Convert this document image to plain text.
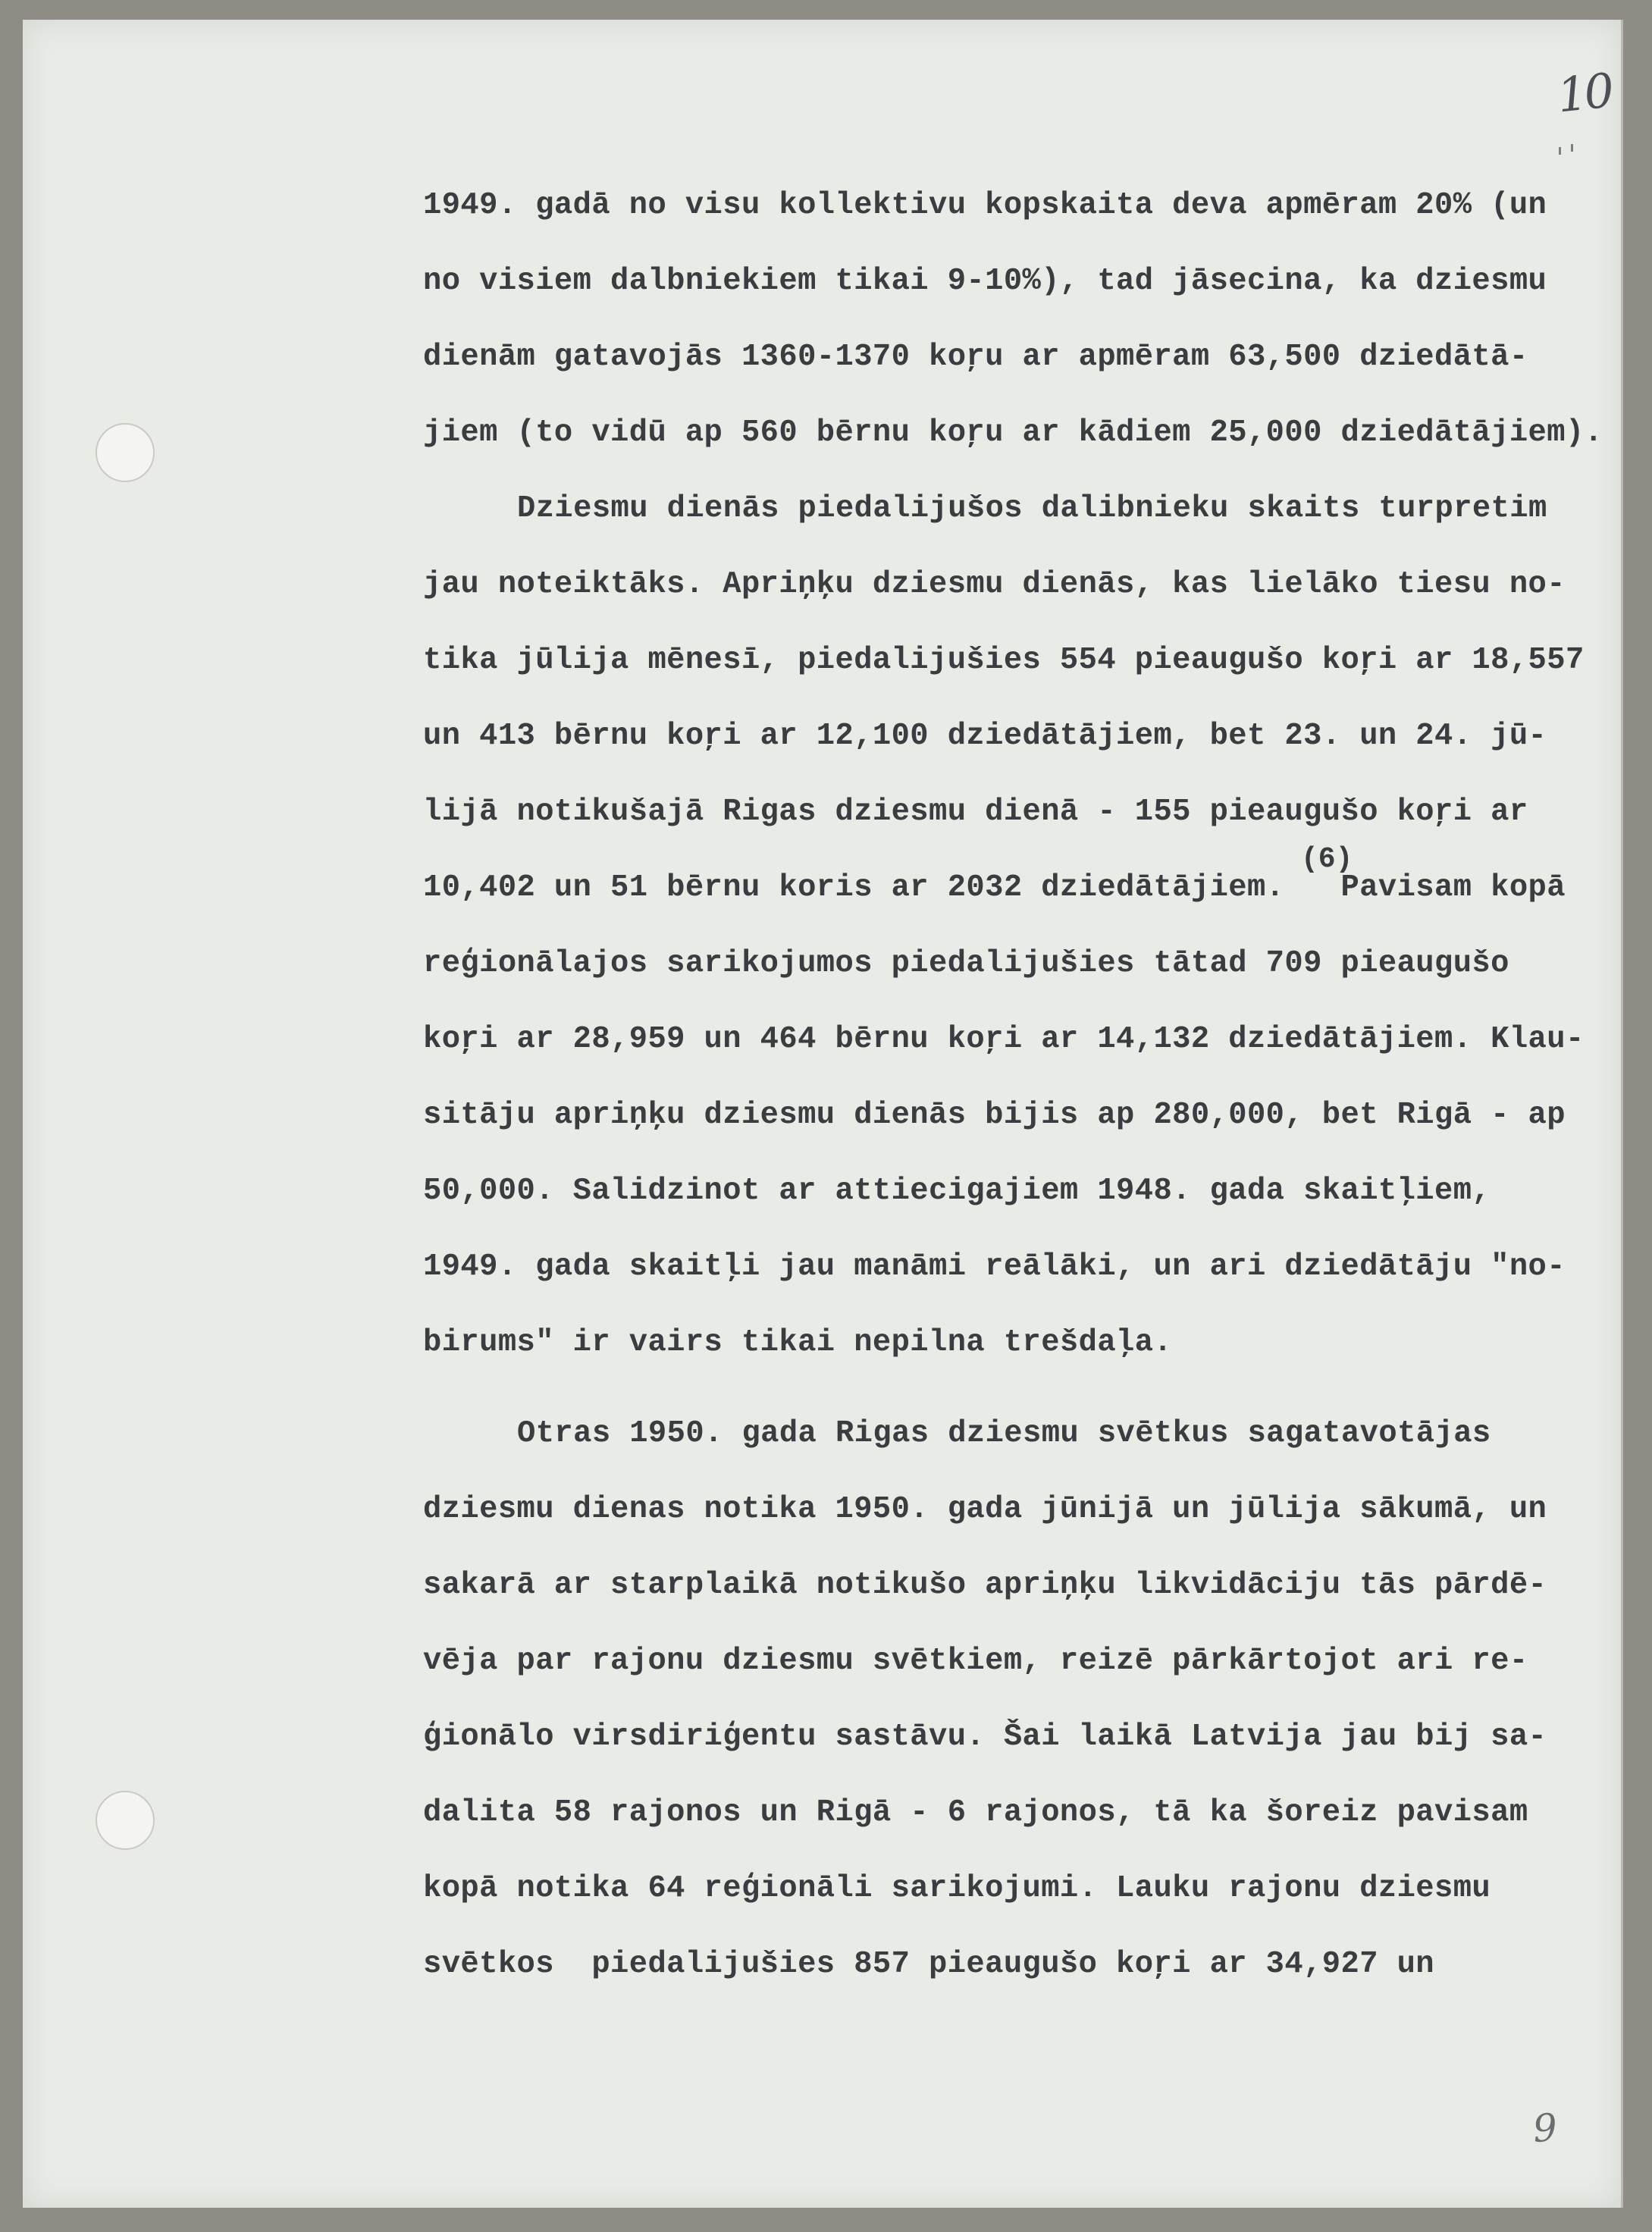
10
9
1949. gadā no visu kollektivu kopskaita deva apmēram 20% (un
no visiem dalbniekiem tikai 9-10%), tad jāsecina, ka dziesmu
dienām gatavojās 1360-1370 koŗu ar apmēram 63,500 dziedātā-
jiem (to vidū ap 560 bērnu koŗu ar kādiem 25,000 dziedātājiem).
Dziesmu dienās piedalijušos dalibnieku skaits turpretim
jau noteiktāks. Apriņķu dziesmu dienās, kas lielāko tiesu no-
tika jūlija mēnesī, piedalijušies 554 pieaugušo koŗi ar 18,557
un 413 bērnu koŗi ar 12,100 dziedātājiem, bet 23. un 24. jū-
lijā notikušajā Rigas dziesmu dienā - 155 pieaugušo koŗi ar
10,402 un 51 bērnu koris ar 2032 dziedātājiem.   Pavisam kopā
reģionālajos sarikojumos piedalijušies tātad 709 pieaugušo
koŗi ar 28,959 un 464 bērnu koŗi ar 14,132 dziedātājiem. Klau-
sitāju apriņķu dziesmu dienās bijis ap 280,000, bet Rigā - ap
50,000. Salidzinot ar attiecigajiem 1948. gada skaitļiem,
1949. gada skaitļi jau manāmi reālāki, un ari dziedātāju "no-
birums" ir vairs tikai nepilna trešdaļa.
Otras 1950. gada Rigas dziesmu svētkus sagatavotājas
dziesmu dienas notika 1950. gada jūnijā un jūlija sākumā, un
sakarā ar starplaikā notikušo apriņķu likvidāciju tās pārdē-
vēja par rajonu dziesmu svētkiem, reizē pārkārtojot ari re-
ģionālo virsdiriģentu sastāvu. Šai laikā Latvija jau bij sa-
dalita 58 rajonos un Rigā - 6 rajonos, tā ka šoreiz pavisam
kopā notika 64 reģionāli sarikojumi. Lauku rajonu dziesmu
svētkos  piedalijušies 857 pieaugušo koŗi ar 34,927 un
(6)
